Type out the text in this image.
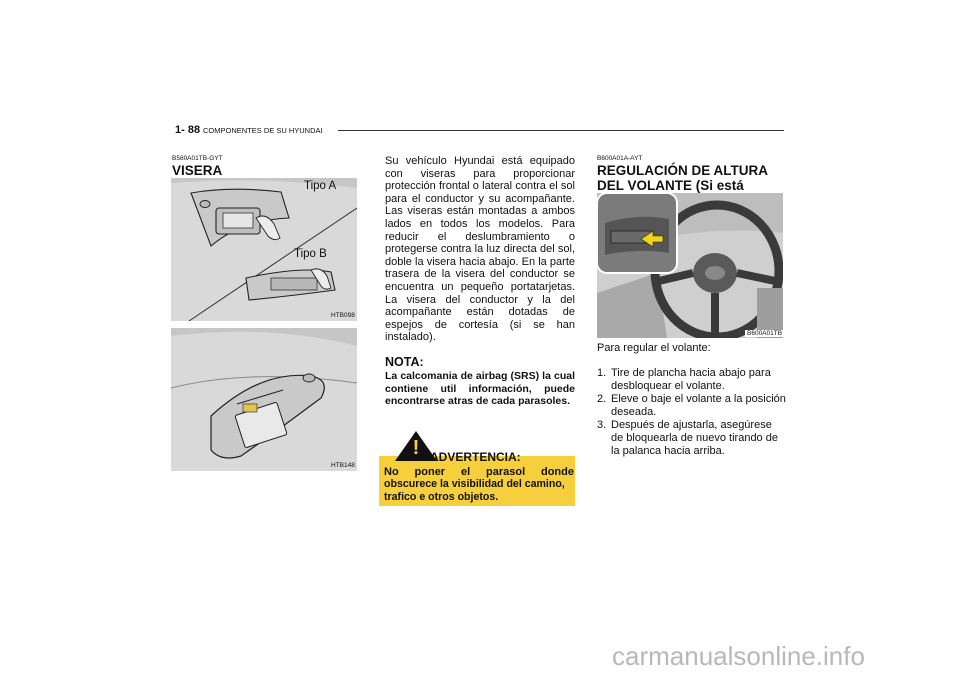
1- 88 COMPONENTES DE SU HYUNDAI
B580A01TB-GYT
VISERA
Tipo A
Tipo B
HTB098
HTB148
Su vehículo Hyundai está equipado con viseras para proporcionar protección frontal o lateral contra el sol para el conductor y su acompañante. Las viseras están montadas a ambos lados en todos los modelos. Para reducir el deslumbramiento o protegerse contra la luz directa del sol, doble la visera hacia abajo. En la parte trasera de la visera del conductor se encuentra un pequeño portatarjetas. La visera del conductor y la del acompañante están dotadas de espejos de cortesía (si se han instalado).
NOTA:
La calcomania de airbag (SRS) la cual contiene util información, puede encontrarse atras de cada parasoles.
! ADVERTENCIA:
No poner el parasol donde
obscurece la visibilidad del camino, trafico e otros objetos.
B600A01A-AYT
REGULACIÓN DE ALTURA DEL VOLANTE (Si está
B600A01TB
Para regular el volante:
1. Tire de plancha hacia abajo para desbloquear el volante.
2. Eleve o baje el volante a la posición deseada.
3. Después de ajustarla, asegúrese de bloquearla de nuevo tirando de la palanca hacia arriba.
carmanualsonline.info
